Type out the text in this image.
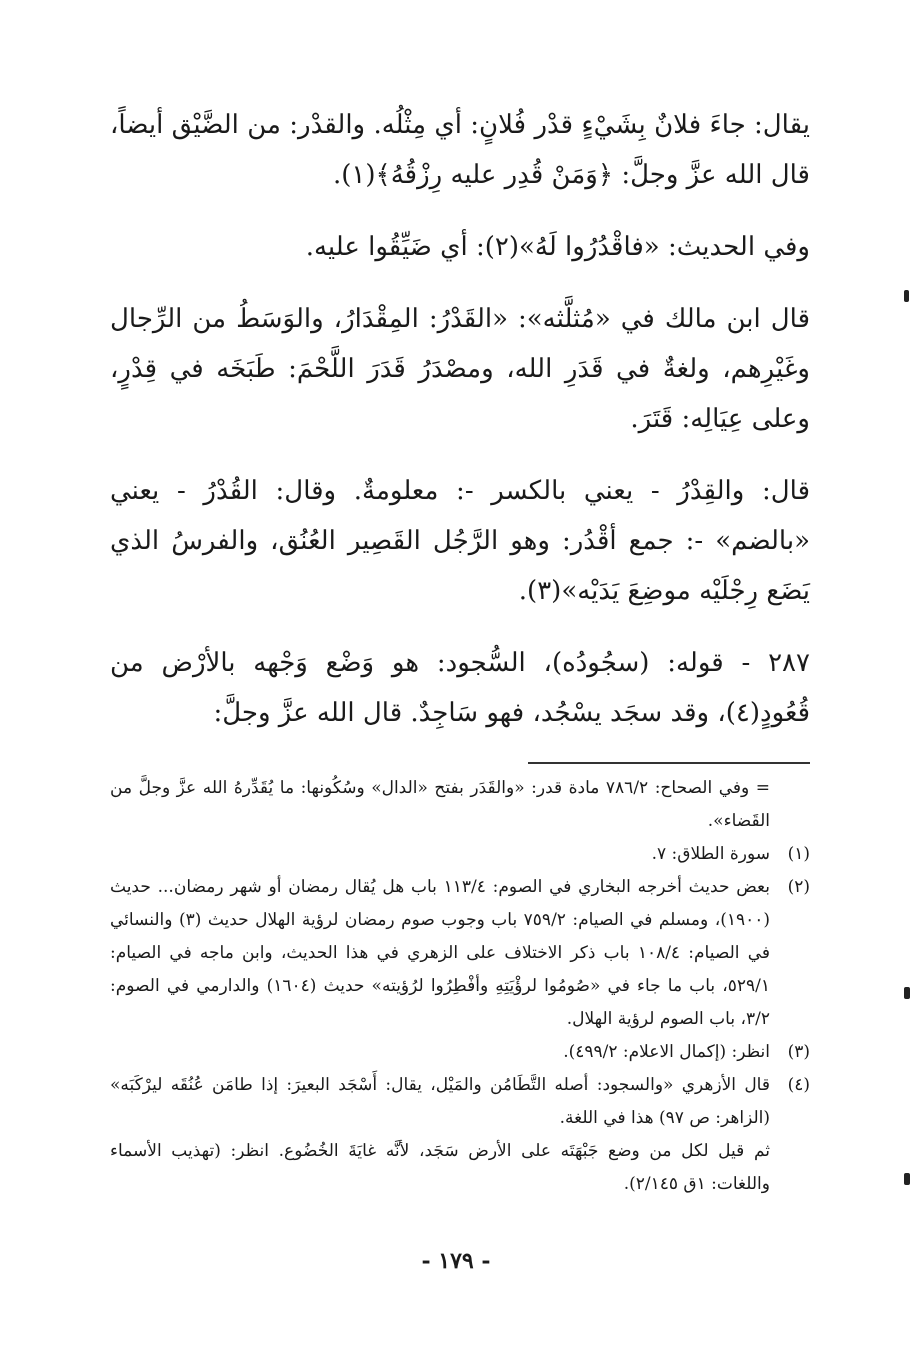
يقال: جاءَ فلانٌ بِشَيْءٍ قدْر فُلانٍ: أي مِثْلُه. والقدْر: من الضَّيْق أيضاً، قال الله عزَّ وجلَّ: ﴿وَمَنْ قُدِر عليه رِزْقُهُ﴾(١).

وفي الحديث: «فاقْدُرُوا لَهُ»(٢): أي ضَيِّقُوا عليه.

قال ابن مالك في «مُثلَّثه»: «القَدْرُ: المِقْدَارُ، والوَسَطُ من الرِّجال وغَيْرِهم، ولغةٌ في قَدَرِ الله، ومصْدَرُ قَدَرَ اللَّحْمَ: طَبَخَه في قِدْرٍ، وعلى عِيَالِه: قَتَرَ.

قال: والقِدْرُ - يعني بالكسر -: معلومةٌ. وقال: القُدْرُ - يعني «بالضم» -: جمع أقْدُر: وهو الرَّجُل القَصِير العُنُق، والفرسُ الذي يَضَع رِجْلَيْه موضِعَ يَدَيْه»(٣).

٢٨٧ - قوله: (سجُودُه)، السُّجود: هو وَضْع وَجْهه بالأرْض من قُعُودٍ(٤)، وقد سجَد يسْجُد، فهو سَاجِدٌ. قال الله عزَّ وجلَّ:

= وفي الصحاح: ٧٨٦/٢ مادة قدر: «والقَدَر بفتح «الدال» وسُكُونها: ما يُقَدِّرهُ الله عزَّ وجلَّ من القَضاء».

(١)
سورة الطلاق: ٧.

(٢)
بعض حديث أخرجه البخاري في الصوم: ١١٣/٤ باب هل يُقال رمضان أو شهر رمضان... حديث (١٩٠٠)، ومسلم في الصيام: ٧٥٩/٢ باب وجوب صوم رمضان لرؤية الهلال حديث (٣) والنسائي في الصيام: ١٠٨/٤ باب ذكر الاختلاف على الزهري في هذا الحديث، وابن ماجه في الصيام: ٥٢٩/١، باب ما جاء في «صُومُوا لرؤْيَتِهِ وأفْطِرُوا لرُؤيته» حديث (١٦٠٤) والدارمي في الصوم: ٣/٢، باب الصوم لرؤية الهلال.

(٣)
انظر: (إكمال الاعلام: ٤٩٩/٢).

(٤)
قال الأزهري «والسجود: أصله التَّطَامُن والمَيْل، يقال: أَسْجَد البعيرَ: إذا طامَن عُنُقَه ليرْكَبَه» (الزاهر: ص ٩٧) هذا في اللغة.

ثم قيل لكل من وضع جَبْهَتَه على الأرض سَجَد، لأنَّه غايَةَ الخُضُوع. انظر: (تهذيب الأسماء واللغات: ١ق ٢/١٤٥).

- ١٧٩ -
